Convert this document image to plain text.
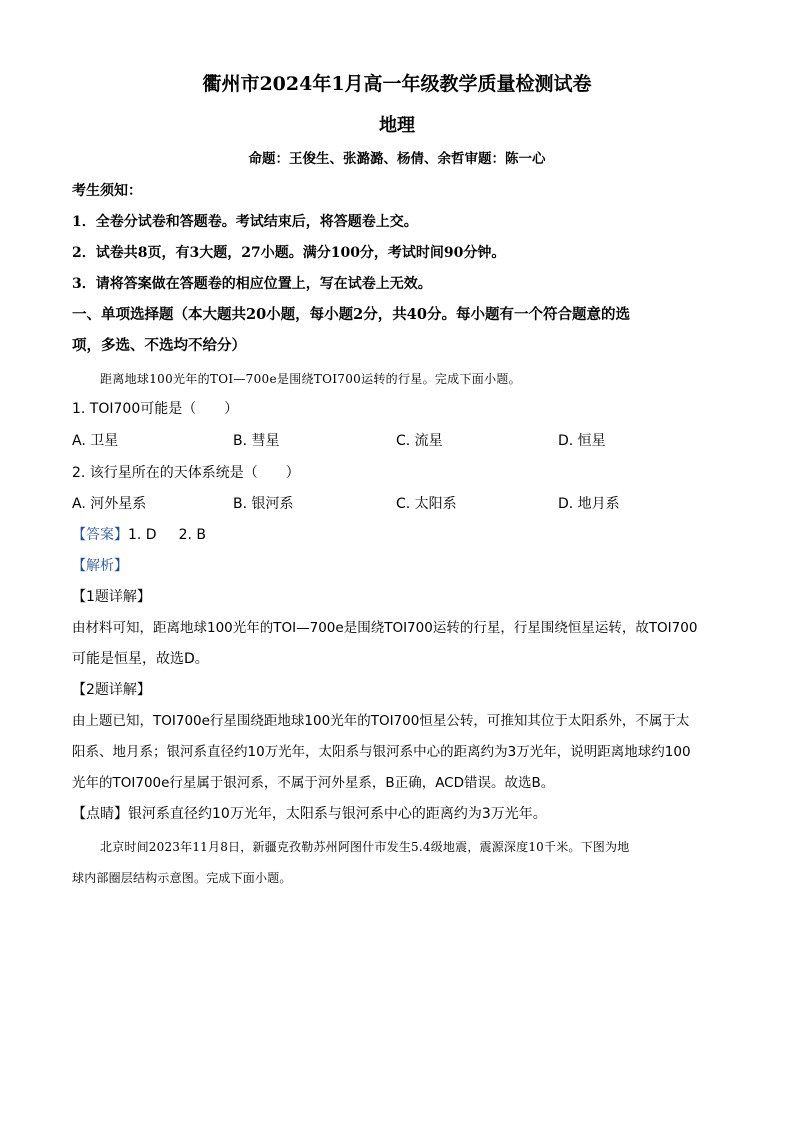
衢州市2024年1月高一年级教学质量检测试卷
地理
命题：王俊生、张潞潞、杨倩、余哲审题：陈一心
考生须知：
1．全卷分试卷和答题卷。考试结束后，将答题卷上交。
2．试卷共8页，有3大题，27小题。满分100分，考试时间90分钟。
3．请将答案做在答题卷的相应位置上，写在试卷上无效。
一、单项选择题（本大题共20小题，每小题2分，共40分。每小题有一个符合题意的选
项，多选、不选均不给分）
距离地球100光年的TOI—700e是围绕TOI700运转的行星。完成下面小题。
1. TOI700可能是（　　）
A. 卫星	B. 彗星	C. 流星	D. 恒星
2. 该行星所在的天体系统是（　　）
A. 河外星系	B. 银河系	C. 太阳系	D. 地月系
【答案】1. D 2. B
【解析】
【1题详解】
由材料可知，距离地球100光年的TOI—700e是围绕TOI700运转的行星，行星围绕恒星运转，故TOI700
可能是恒星，故选D。
【2题详解】
由上题已知，TOI700e行星围绕距地球100光年的TOI700恒星公转，可推知其位于太阳系外，不属于太
阳系、地月系；银河系直径约10万光年，太阳系与银河系中心的距离约为3万光年，说明距离地球约100
光年的TOI700e行星属于银河系，不属于河外星系，B正确，ACD错误。故选B。
【点睛】银河系直径约10万光年，太阳系与银河系中心的距离约为3万光年。
北京时间2023年11月8日，新疆克孜勒苏州阿图什市发生5.4级地震，震源深度10千米。下图为地
球内部圈层结构示意图。完成下面小题。
